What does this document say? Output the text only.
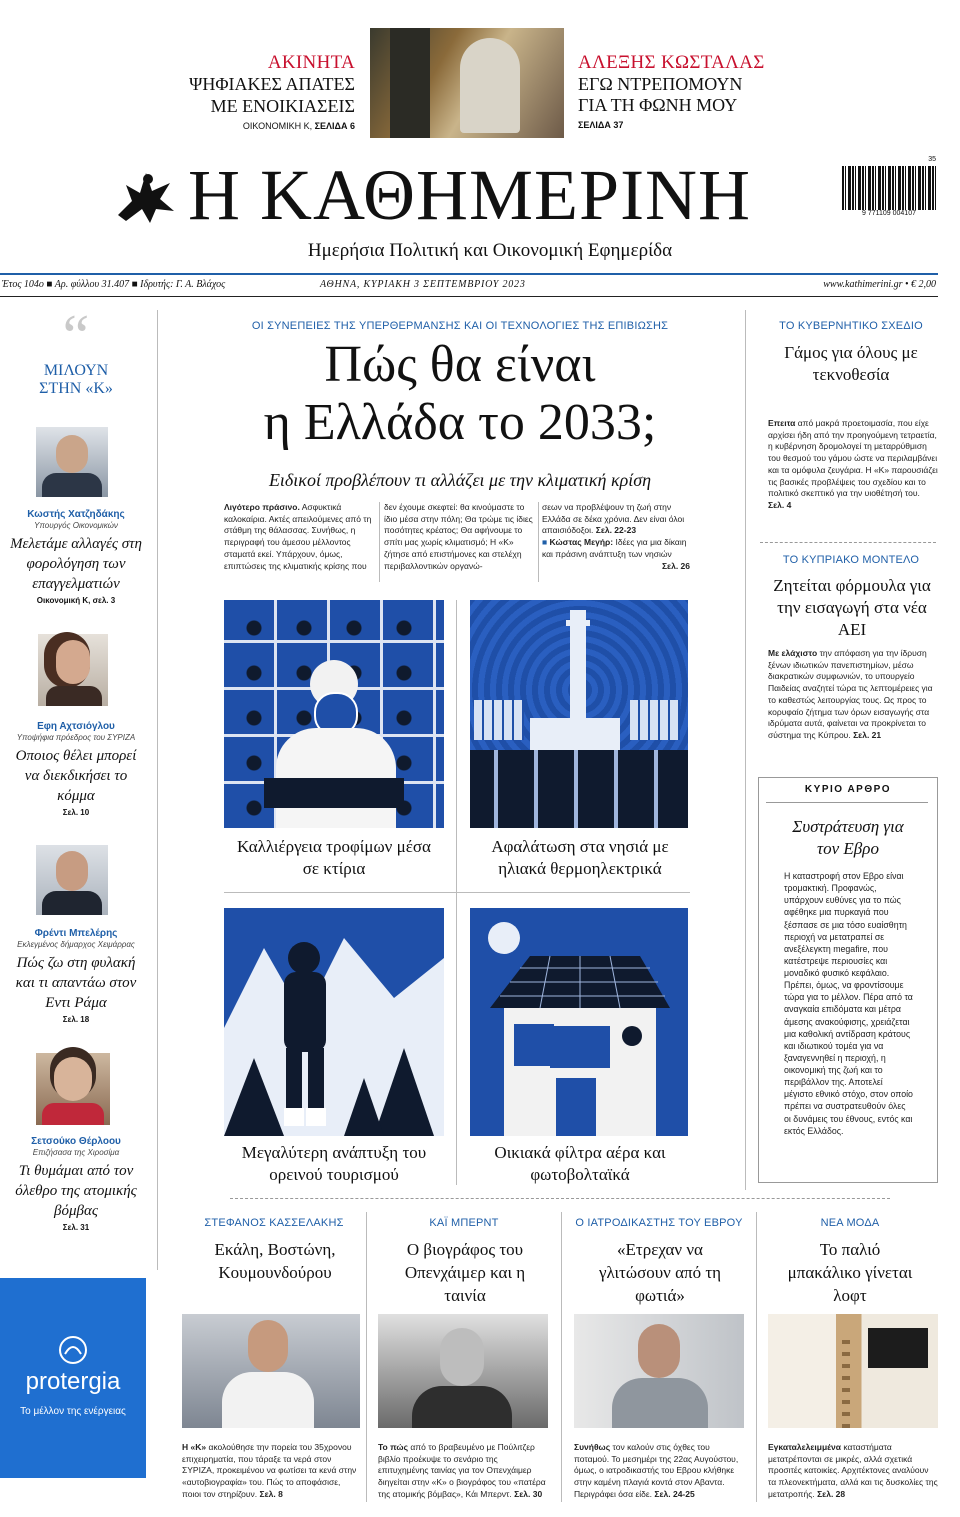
ΑΚΙΝΗΤΑ
ΨΗΦΙΑΚΕΣ ΑΠΑΤΕΣ
ΜΕ ΕΝΟΙΚΙΑΣΕΙΣ
ΟΙΚΟΝΟΜΙΚΗ Κ, ΣΕΛΙΔΑ 6
ΑΛΕΞΗΣ ΚΩΣΤΑΛΑΣ
ΕΓΩ ΝΤΡΕΠΟΜΟΥΝ
ΓΙΑ ΤΗ ΦΩΝΗ ΜΟΥ
ΣΕΛΙΔΑ 37
Η ΚΑΘΗΜΕΡΙΝΗ
Ημερήσια Πολιτική και Οικονομική Εφημερίδα
9 771109 004107
35
Έτος 104ο ■ Αρ. φύλλου 31.407 ■ Ιδρυτής: Γ. Α. Βλάχος	ΑΘΗΝΑ, ΚΥΡΙΑΚΗ 3 ΣΕΠΤΕΜΒΡΙΟΥ 2023	www.kathimerini.gr • € 2,00
“
ΜΙΛΟΥΝ
ΣΤΗΝ «Κ»
Κωστής Χατζηδάκης
Υπουργός Οικονομικών
Μελετάμε αλλαγές στη φορολόγηση των επαγγελματιών
Οικονομική Κ, σελ. 3
Εφη Αχτσιόγλου
Υποψήφια πρόεδρος του ΣΥΡΙΖΑ
Οποιος θέλει μπορεί να διεκδικήσει το κόμμα
Σελ. 10
Φρέντι Μπελέρης
Εκλεγμένος δήμαρχος Χειμάρρας
Πώς ζω στη φυλακή και τι απαντάω στον Εντι Ράμα
Σελ. 18
Σετσούκο Θέρλοου
Επιζήσασα της Χιροσίμα
Τι θυμάμαι από τον όλεθρο της ατομικής βόμβας
Σελ. 31
protergia
Το μέλλον της ενέργειας
ΟΙ ΣΥΝΕΠΕΙΕΣ ΤΗΣ ΥΠΕΡΘΕΡΜΑΝΣΗΣ ΚΑΙ ΟΙ ΤΕΧΝΟΛΟΓΙΕΣ ΤΗΣ ΕΠΙΒΙΩΣΗΣ
Πώς θα είναι
η Ελλάδα το 2033;
Ειδικοί προβλέπουν τι αλλάζει με την κλιματική κρίση
Λιγότερο πράσινο. Ασφυκτικά καλοκαίρια. Ακτές απειλούμενες από τη στάθμη της θάλασσας. Συνήθως, η περιγραφή του άμεσου μέλλοντος σταματά εκεί. Υπάρχουν, όμως, επιπτώσεις της κλιματικής κρίσης που
δεν έχουμε σκεφτεί: θα κινούμαστε το ίδιο μέσα στην πόλη; Θα τρώμε τις ίδιες ποσότητες κρέατος; Θα αφήνουμε το σπίτι μας χωρίς κλιματισμό; Η «Κ» ζήτησε από επιστήμονες και στελέχη περιβαλλοντικών οργανώ-
σεων να προβλέψουν τη ζωή στην Ελλάδα σε δέκα χρόνια. Δεν είναι όλοι απαισιόδοξοι. Σελ. 22-23
■ Κώστας Μεγήρ: Ιδέες για μια δίκαιη και πράσινη ανάπτυξη των νησιών
Σελ. 26
Καλλιέργεια τροφίμων μέσα σε κτίρια
Αφαλάτωση στα νησιά με ηλιακά θερμοηλεκτρικά
Μεγαλύτερη ανάπτυξη του ορεινού τουρισμού
Οικιακά φίλτρα αέρα και φωτοβολταϊκά
ΤΟ ΚΥΒΕΡΝΗΤΙΚΟ ΣΧΕΔΙΟ
Γάμος για όλους με τεκνοθεσία
Επειτα από μακρά προετοιμασία, που είχε αρχίσει ήδη από την προηγούμενη τετραετία, η κυβέρνηση δρομολογεί τη μεταρρύθμιση του θεσμού του γάμου ώστε να περιλαμβάνει και τα ομόφυλα ζευγάρια. Η «Κ» παρουσιάζει τις βασικές προβλέψεις του σχεδίου και το πολιτικό σκεπτικό για την υιοθέτησή του. Σελ. 4
ΤΟ ΚΥΠΡΙΑΚΟ ΜΟΝΤΕΛΟ
Ζητείται φόρμουλα για την εισαγωγή στα νέα ΑΕΙ
Με ελάχιστο την απόφαση για την ίδρυση ξένων ιδιωτικών πανεπιστημίων, μέσω διακρατικών συμφωνιών, το υπουργείο Παιδείας αναζητεί τώρα τις λεπτομέρειες για το καθεστώς λειτουργίας τους. Ως προς το κορυφαίο ζήτημα των όρων εισαγωγής στα ιδρύματα αυτά, φαίνεται να προκρίνεται το σύστημα της Κύπρου. Σελ. 21
ΚΥΡΙΟ ΑΡΘΡΟ
Συστράτευση για τον Εβρο
Η καταστροφή στον Εβρο είναι τρομακτική. Προφανώς, υπάρχουν ευθύνες για το πώς αφέθηκε μια πυρκαγιά που ξέσπασε σε μια τόσο ευαίσθητη περιοχή να μετατραπεί σε ανεξέλεγκτη megafire, που κατέστρεψε περιουσίες και μοναδικό φυσικό κεφάλαιο. Πρέπει, όμως, να φροντίσουμε τώρα για το μέλλον. Πέρα από τα αναγκαία επιδόματα και μέτρα άμεσης ανακούφισης, χρειάζεται μια καθολική αντίδραση κράτους και ιδιωτικού τομέα για να ξαναγεννηθεί η περιοχή, η οικονομική της ζωή και το περιβάλλον της. Αποτελεί μέγιστο εθνικό στόχο, στον οποίο πρέπει να συστρατευθούν όλες οι δυνάμεις του έθνους, εντός και εκτός Ελλάδος.
ΣΤΕΦΑΝΟΣ ΚΑΣΣΕΛΑΚΗΣ
Εκάλη, Βοστώνη, Κουμουνδούρου
Η «Κ» ακολούθησε την πορεία του 35χρονου επιχειρηματία, που τάραξε τα νερά στον ΣΥΡΙΖΑ, προκειμένου να φωτίσει τα κενά στην «αυτοβιογραφία» του. Πώς το αποφάσισε, ποιοι τον στηρίζουν. Σελ. 8
ΚΑΪ ΜΠΕΡΝΤ
Ο βιογράφος του Οπενχάιμερ και η ταινία
Το πώς από το βραβευμένο με Πούλιτζερ βιβλίο προέκυψε το σενάριο της επιτυχημένης ταινίας για τον Οπενχάιμερ διηγείται στην «Κ» ο βιογράφος του «πατέρα της ατομικής βόμβας», Κάι Μπερντ. Σελ. 30
Ο ΙΑΤΡΟΔΙΚΑΣΤΗΣ ΤΟΥ ΕΒΡΟΥ
«Ετρεχαν να γλιτώσουν από τη φωτιά»
Συνήθως τον καλούν στις όχθες του ποταμού. Το μεσημέρι της 22ας Αυγούστου, όμως, ο ιατροδικαστής του Εβρου κλήθηκε στην καμένη πλαγιά κοντά στον Αβαντα. Περιγράφει όσα είδε. Σελ. 24-25
ΝΕΑ ΜΟΔΑ
Το παλιό μπακάλικο γίνεται λοφτ
Εγκαταλελειμμένα καταστήματα μετατρέπονται σε μικρές, αλλά σχετικά προσιτές κατοικίες. Αρχιτέκτονες αναλύουν τα πλεονεκτήματα, αλλά και τις δυσκολίες της μετατροπής. Σελ. 28
